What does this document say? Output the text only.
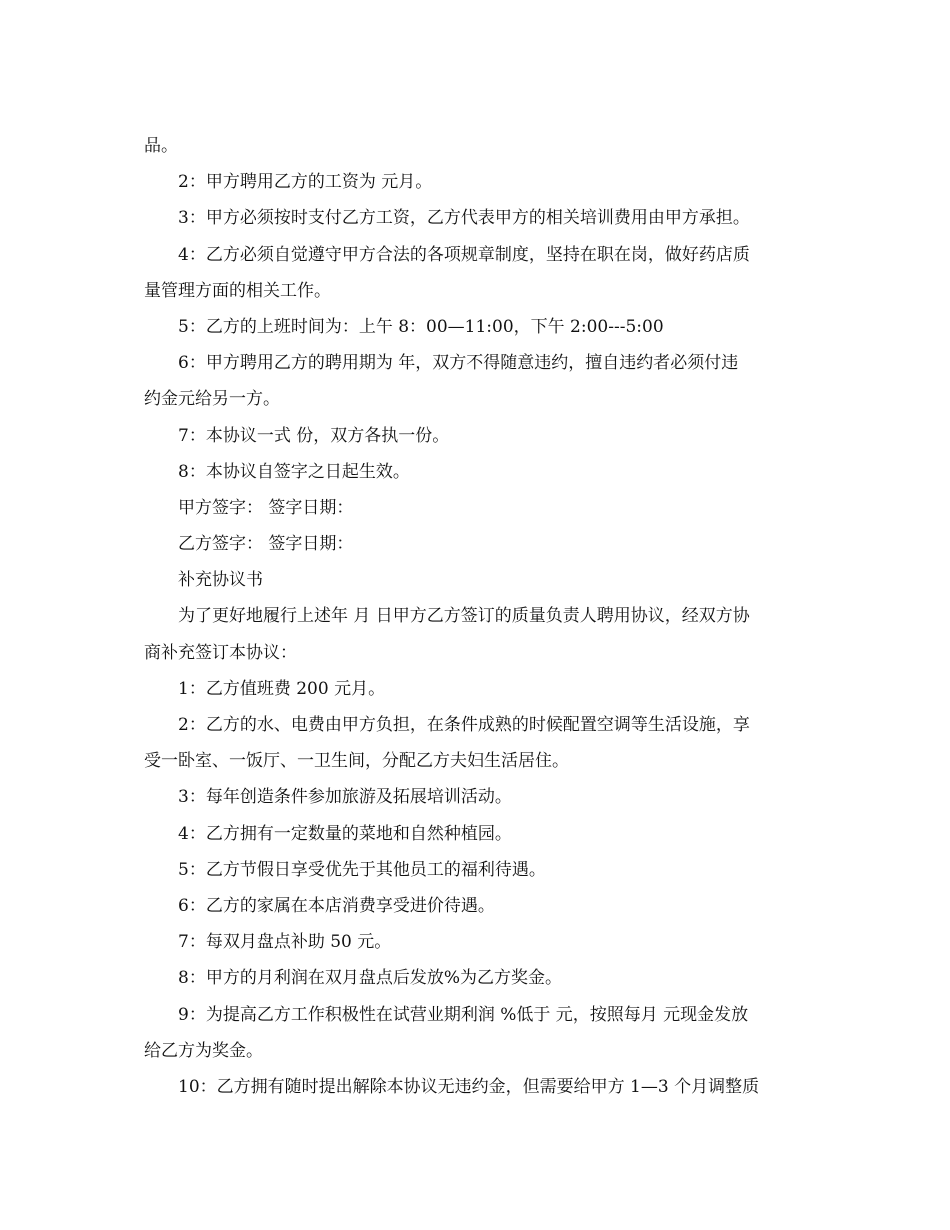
品。
2：甲方聘用乙方的工资为 元月。
3：甲方必须按时支付乙方工资，乙方代表甲方的相关培训费用由甲方承担。
4：乙方必须自觉遵守甲方合法的各项规章制度，坚持在职在岗，做好药店质
量管理方面的相关工作。
5：乙方的上班时间为：上午 8：00—11:00，下午 2:00---5:00
6：甲方聘用乙方的聘用期为 年，双方不得随意违约，擅自违约者必须付违
约金元给另一方。
7：本协议一式 份，双方各执一份。
8：本协议自签字之日起生效。
甲方签字： 签字日期：
乙方签字： 签字日期：
补充协议书
为了更好地履行上述年 月 日甲方乙方签订的质量负责人聘用协议，经双方协
商补充签订本协议：
1：乙方值班费 200 元月。
2：乙方的水、电费由甲方负担，在条件成熟的时候配置空调等生活设施，享
受一卧室、一饭厅、一卫生间，分配乙方夫妇生活居住。
3：每年创造条件参加旅游及拓展培训活动。
4：乙方拥有一定数量的菜地和自然种植园。
5：乙方节假日享受优先于其他员工的福利待遇。
6：乙方的家属在本店消费享受进价待遇。
7：每双月盘点补助 50 元。
8：甲方的月利润在双月盘点后发放%为乙方奖金。
9：为提高乙方工作积极性在试营业期利润 %低于 元，按照每月 元现金发放
给乙方为奖金。
10：乙方拥有随时提出解除本协议无违约金，但需要给甲方 1—3 个月调整质
